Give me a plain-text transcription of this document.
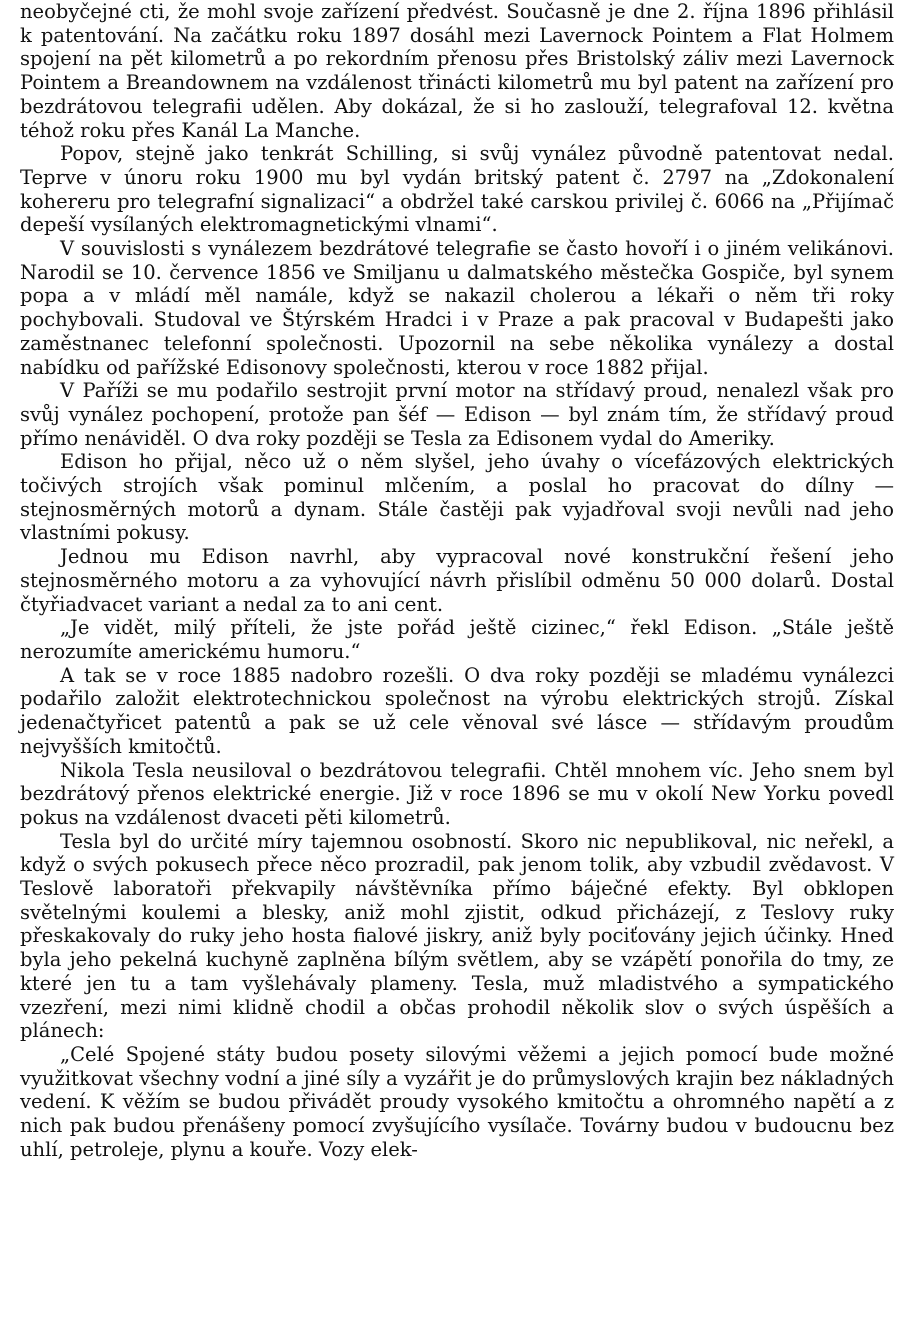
neobyčejné cti, že mohl svoje zařízení předvést. Současně je dne 2. října 1896 přihlásil k patentování. Na začátku roku 1897 dosáhl mezi Lavernock Pointem a Flat Holmem spojení na pět kilometrů a po rekordním přenosu přes Bristolský záliv mezi Lavernock Pointem a Breandownem na vzdálenost třinácti kilometrů mu byl patent na zařízení pro bezdrátovou telegrafii udělen. Aby dokázal, že si ho zaslouží, telegrafoval 12. května téhož roku přes Kanál La Manche.

Popov, stejně jako tenkrát Schilling, si svůj vynález původně patentovat nedal. Teprve v únoru roku 1900 mu byl vydán britský patent č. 2797 na „Zdokonalení kohereru pro telegrafní signalizaci“ a obdržel také carskou privilej č. 6066 na „Přijímač depeší vysílaných elektromagnetickými vlnami“.

V souvislosti s vynálezem bezdrátové telegrafie se často hovoří i o jiném velikánovi. Narodil se 10. července 1856 ve Smiljanu u dalmatského městečka Gospiče, byl synem popa a v mládí měl namále, když se nakazil cholerou a lékaři o něm tři roky pochybovali. Studoval ve Štýrském Hradci i v Praze a pak pracoval v Budapešti jako zaměstnanec telefonní společnosti. Upozornil na sebe několika vynálezy a dostal nabídku od pařížské Edisonovy společnosti, kterou v roce 1882 přijal.

V Paříži se mu podařilo sestrojit první motor na střídavý proud, nenalezl však pro svůj vynález pochopení, protože pan šéf — Edison — byl znám tím, že střídavý proud přímo nenáviděl. O dva roky později se Tesla za Edisonem vydal do Ameriky.

Edison ho přijal, něco už o něm slyšel, jeho úvahy o vícefázových elektrických točivých strojích však pominul mlčením, a poslal ho pracovat do dílny — stejnosměrných motorů a dynam. Stále častěji pak vyjadřoval svoji nevůli nad jeho vlastními pokusy.

Jednou mu Edison navrhl, aby vypracoval nové konstrukční řešení jeho stejnosměrného motoru a za vyhovující návrh přislíbil odměnu 50 000 dolarů. Dostal čtyřiadvacet variant a nedal za to ani cent.

„Je vidět, milý příteli, že jste pořád ještě cizinec,“ řekl Edison. „Stále ještě nerozumíte americkému humoru.“

A tak se v roce 1885 nadobro rozešli. O dva roky později se mladému vynálezci podařilo založit elektrotechnickou společnost na výrobu elektrických strojů. Získal jedenačtyřicet patentů a pak se už cele věnoval své lásce — střídavým proudům nejvyšších kmitočtů.

Nikola Tesla neusiloval o bezdrátovou telegrafii. Chtěl mnohem víc. Jeho snem byl bezdrátový přenos elektrické energie. Již v roce 1896 se mu v okolí New Yorku povedl pokus na vzdálenost dvaceti pěti kilometrů.

Tesla byl do určité míry tajemnou osobností. Skoro nic nepublikoval, nic neřekl, a když o svých pokusech přece něco prozradil, pak jenom tolik, aby vzbudil zvědavost. V Teslově laboratoři překvapily návštěvníka přímo báječné efekty. Byl obklopen světelnými koulemi a blesky, aniž mohl zjistit, odkud přicházejí, z Teslovy ruky přeskakovaly do ruky jeho hosta fialové jiskry, aniž byly pociťovány jejich účinky. Hned byla jeho pekelná kuchyně zaplněna bílým světlem, aby se vzápětí ponořila do tmy, ze které jen tu a tam vyšlehávaly plameny. Tesla, muž mladistvého a sympatického vzezření, mezi nimi klidně chodil a občas prohodil několik slov o svých úspěších a plánech:

„Celé Spojené státy budou posety silovými věžemi a jejich pomocí bude možné využitkovat všechny vodní a jiné síly a vyzářit je do průmyslových krajin bez nákladných vedení. K věžím se budou přivádět proudy vysokého kmitočtu a ohromného napětí a z nich pak budou přenášeny pomocí zvyšujícího vysílače. Továrny budou v budoucnu bez uhlí, petroleje, plynu a kouře. Vozy elek-
